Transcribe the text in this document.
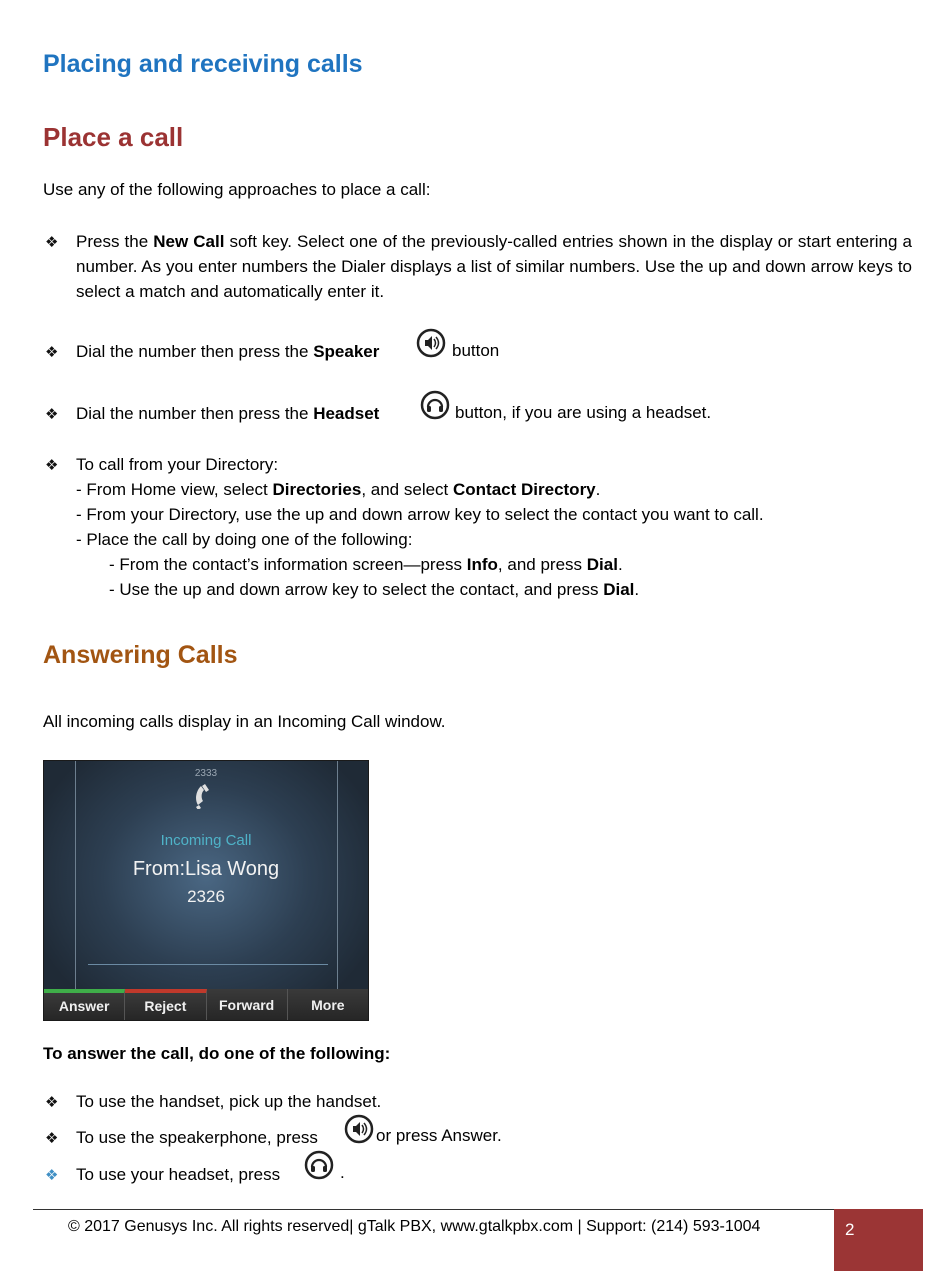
Placing and receiving calls
Place a call
Use any of the following approaches to place a call:
❖ Press the New Call soft key. Select one of the previously-called entries shown in the display or start entering a number. As you enter numbers the Dialer displays a list of similar numbers. Use the up and down arrow keys to select a match and automatically enter it.
❖ Dial the number then press the Speaker	button
❖ Dial the number then press the Headset	button, if you are using a headset.
❖ To call from your Directory:
- From Home view, select Directories, and select Contact Directory.
- From your Directory, use the up and down arrow key to select the contact you want to call.
- Place the call by doing one of the following:
- From the contact’s information screen—press Info, and press Dial.
- Use the up and down arrow key to select the contact, and press Dial.
Answering Calls
All incoming calls display in an Incoming Call window.
2333
Incoming Call
From:Lisa Wong
2326
Answer	Reject	Forward	More
To answer the call, do one of the following:
❖ To use the handset, pick up the handset.
❖ To use the speakerphone, press	or press Answer.
❖ To use your headset, press	.
© 2017 Genusys Inc. All rights reserved| gTalk PBX, www.gtalkpbx.com | Support: (214) 593-1004	2
